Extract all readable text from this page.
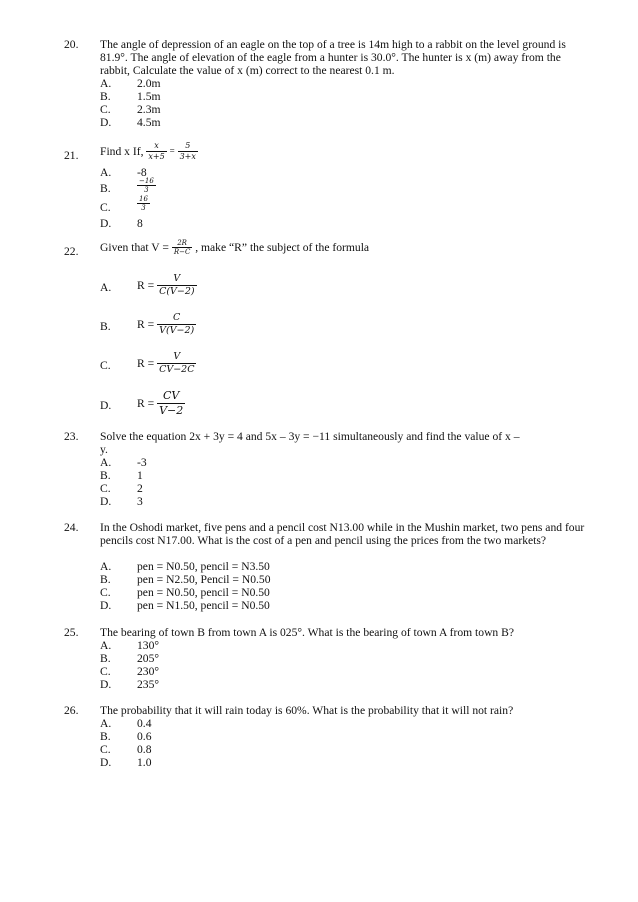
20. The angle of depression of an eagle on the top of a tree is 14m high to a rabbit on the level ground is 81.9°. The angle of elevation of the eagle from a hunter is 30.0°. The hunter is x (m) away from the rabbit, Calculate the value of x (m) correct to the nearest 0.1 m.
A. 2.0m
B. 1.5m
C. 2.3m
D. 4.5m
21. Find x If, $\frac{x}{x+5} = \frac{5}{3+x}$
A. -8
B.	$\frac{-16}{3}$
C.	$\frac{16}{3}$
D. 8
22. Given that $V = \frac{2R}{R-C}$ , make “R” the subject of the formula
A. $R = \frac{V}{C(V-2)}$
B. $R = \frac{C}{V(V-2)}$
C. $R = \frac{V}{CV-2C}$
D. $R = \frac{CV}{V-2}$
23. Solve the equation 2x + 3y = 4 and 5x – 3y = −11 simultaneously and find the value of x – y.
A. -3
B. 1
C. 2
D. 3
24. In the Oshodi market, five pens and a pencil cost N13.00 while in the Mushin market, two pens and four pencils cost N17.00. What is the cost of a pen and pencil using the prices from the two markets?
A. pen = N0.50, pencil = N3.50
B. pen = N2.50, Pencil = N0.50
C. pen = N0.50, pencil = N0.50
D. pen = N1.50, pencil = N0.50
25. The bearing of town B from town A is 025°. What is the bearing of town A from town B?
A. 130°
B. 205°
C. 230°
D. 235°
26. The probability that it will rain today is 60%. What is the probability that it will not rain?
A. 0.4
B. 0.6
C. 0.8
D. 1.0
